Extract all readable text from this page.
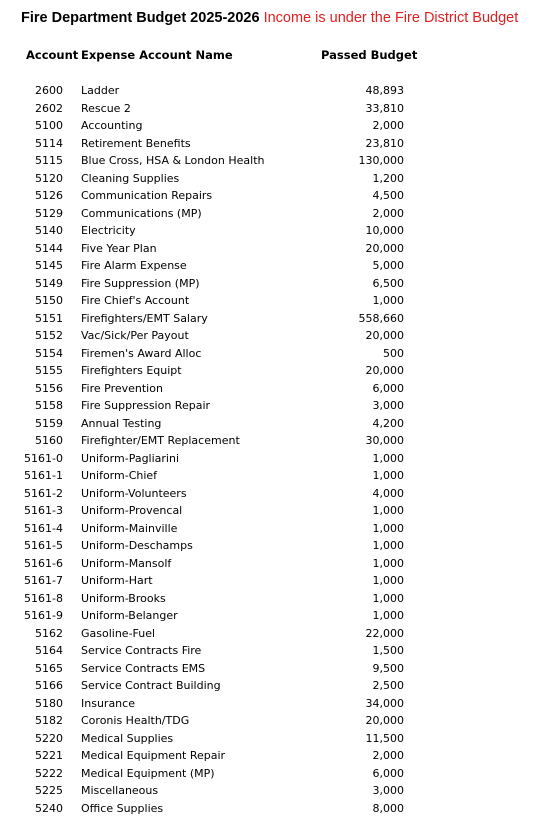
Fire Department Budget 2025-2026 Income is under the Fire District Budget
Account Expense Account Name	Passed Budget
2600 Ladder	48,893
2602 Rescue 2	33,810
5100 Accounting	2,000
5114 Retirement Benefits	23,810
5115 Blue Cross, HSA & London Health	130,000
5120 Cleaning Supplies	1,200
5126 Communication Repairs	4,500
5129 Communications (MP)	2,000
5140 Electricity	10,000
5144 Five Year Plan	20,000
5145 Fire Alarm Expense	5,000
5149 Fire Suppression (MP)	6,500
5150 Fire Chief's Account	1,000
5151 Firefighters/EMT Salary	558,660
5152 Vac/Sick/Per Payout	20,000
5154 Firemen's Award Alloc	500
5155 Firefighters Equipt	20,000
5156 Fire Prevention	6,000
5158 Fire Suppression Repair	3,000
5159 Annual Testing	4,200
5160 Firefighter/EMT Replacement	30,000
5161-0 Uniform-Pagliarini	1,000
5161-1 Uniform-Chief	1,000
5161-2 Uniform-Volunteers	4,000
5161-3 Uniform-Provencal	1,000
5161-4 Uniform-Mainville	1,000
5161-5 Uniform-Deschamps	1,000
5161-6 Uniform-Mansolf	1,000
5161-7 Uniform-Hart	1,000
5161-8 Uniform-Brooks	1,000
5161-9 Uniform-Belanger	1,000
5162 Gasoline-Fuel	22,000
5164 Service Contracts Fire	1,500
5165 Service Contracts EMS	9,500
5166 Service Contract Building	2,500
5180 Insurance	34,000
5182 Coronis Health/TDG	20,000
5220 Medical Supplies	11,500
5221 Medical Equipment Repair	2,000
5222 Medical Equipment (MP)	6,000
5225 Miscellaneous	3,000
5240 Office Supplies	8,000
